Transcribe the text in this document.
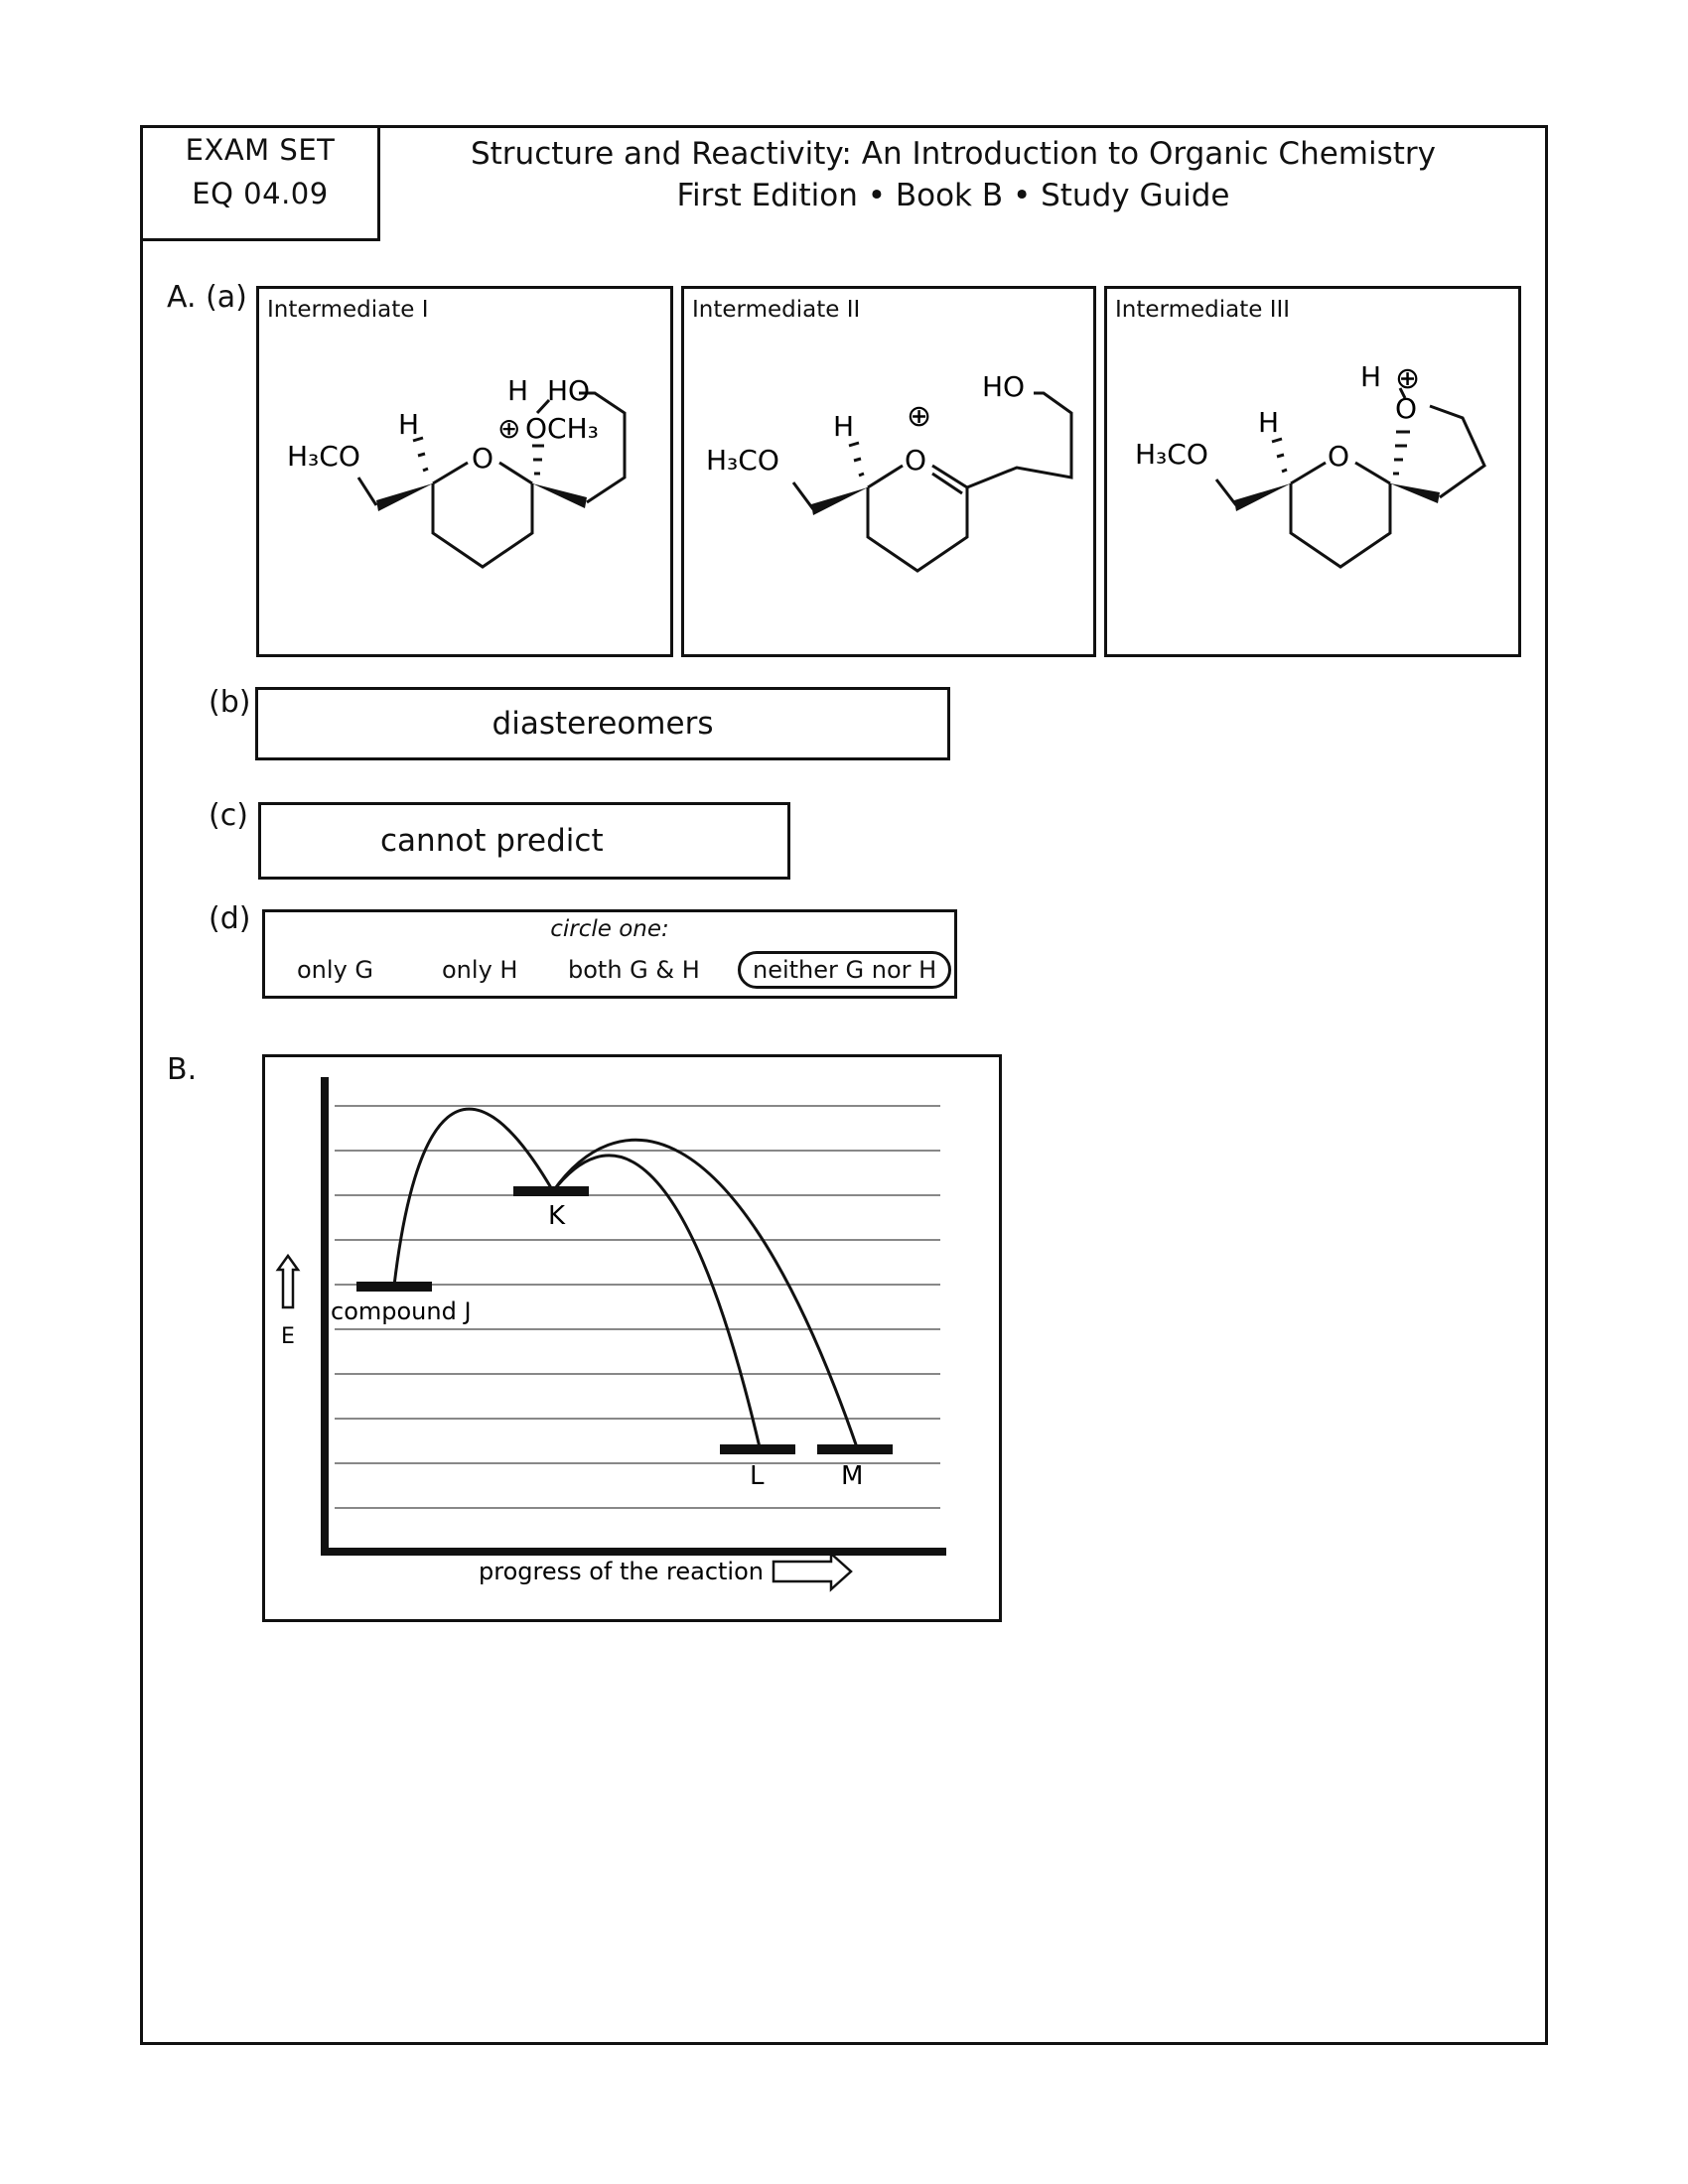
EXAM SET
EQ 04.09
Structure and Reactivity: An Introduction to Organic Chemistry
First Edition • Book B • Study Guide
A. (a) Intermediate I
H₃CO
H
O
H HO
⊕ OCH₃
Intermediate II
H₃CO
H
O
⊕
HO
Intermediate III
H₃CO
H
O
H ⊕
O
(b)
diastereomers
(c)
cannot predict
(d)	circle one:
only G	only H both G & H	neither G nor H
B.
compound J
K
L	M
E
progress of the reaction
